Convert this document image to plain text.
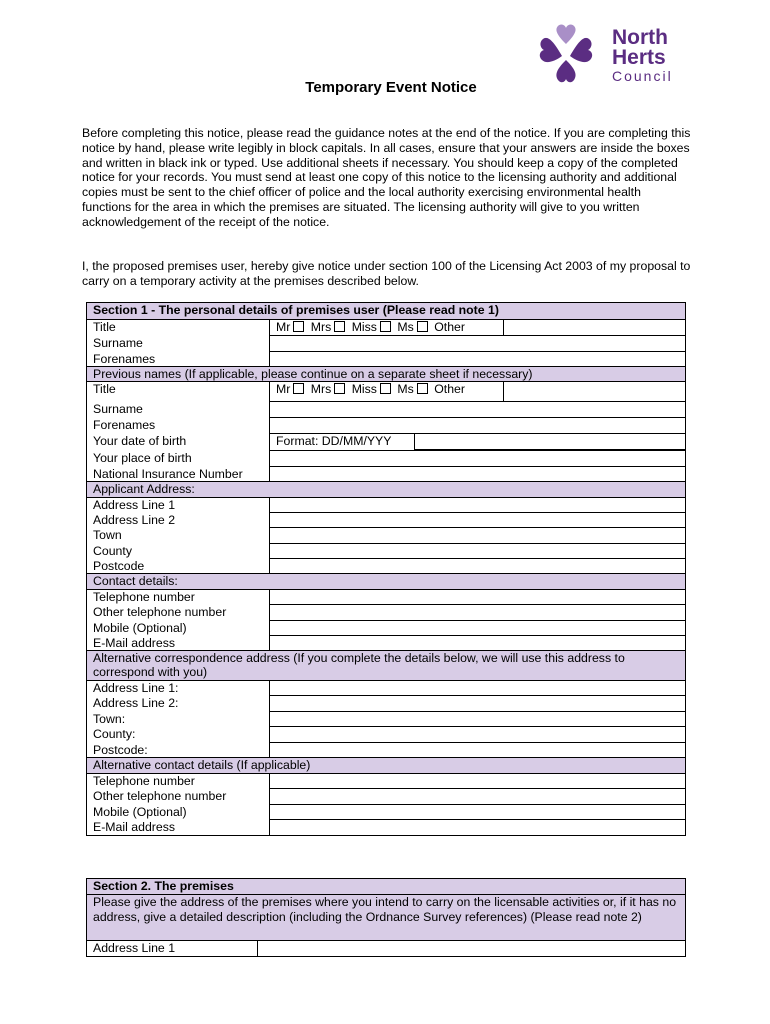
North
Herts
Council
Temporary Event Notice
Before completing this notice, please read the guidance notes at the end of the notice. If you are completing this notice by hand, please write legibly in block capitals. In all cases, ensure that your answers are inside the boxes and written in black ink or typed. Use additional sheets if necessary. You should keep a copy of the completed notice for your records. You must send at least one copy of this notice to the licensing authority and additional copies must be sent to the chief officer of police and the local authority exercising environmental health functions for the area in which the premises are situated. The licensing authority will give to you written acknowledgement of the receipt of the notice.
I, the proposed premises user, hereby give notice under section 100 of the Licensing Act 2003 of my proposal to carry on a temporary activity at the premises described below.
Section 1 - The personal details of premises user (Please read note 1)		
Title	Mr Mrs Miss Ms Other	
Surname		
Forenames		
Previous names (If applicable, please continue on a separate sheet if necessary)		
Title	Mr Mrs Miss Ms Other	
Surname		
Forenames		
Your date of birth	Format: DD/MM/YYY	

Your place of birth		
National Insurance Number		
Applicant Address:		
Address Line 1		
Address Line 2		
Town		
County		
Postcode		
Contact details:		
Telephone number		
Other telephone number		
Mobile (Optional)		
E-Mail address		
Alternative correspondence address (If you complete the details below, we will use this address to correspond with you)		
Address Line 1:		
Address Line 2:		
Town:		
County:		
Postcode:		
Alternative contact details (If applicable)		
Telephone number		
Other telephone number		
Mobile (Optional)		
E-Mail address		
Section 2. The premises
Please give the address of the premises where you intend to carry on the licensable activities or, if it has no address, give a detailed description (including the Ordnance Survey references) (Please read note 2)
Address Line 1	
